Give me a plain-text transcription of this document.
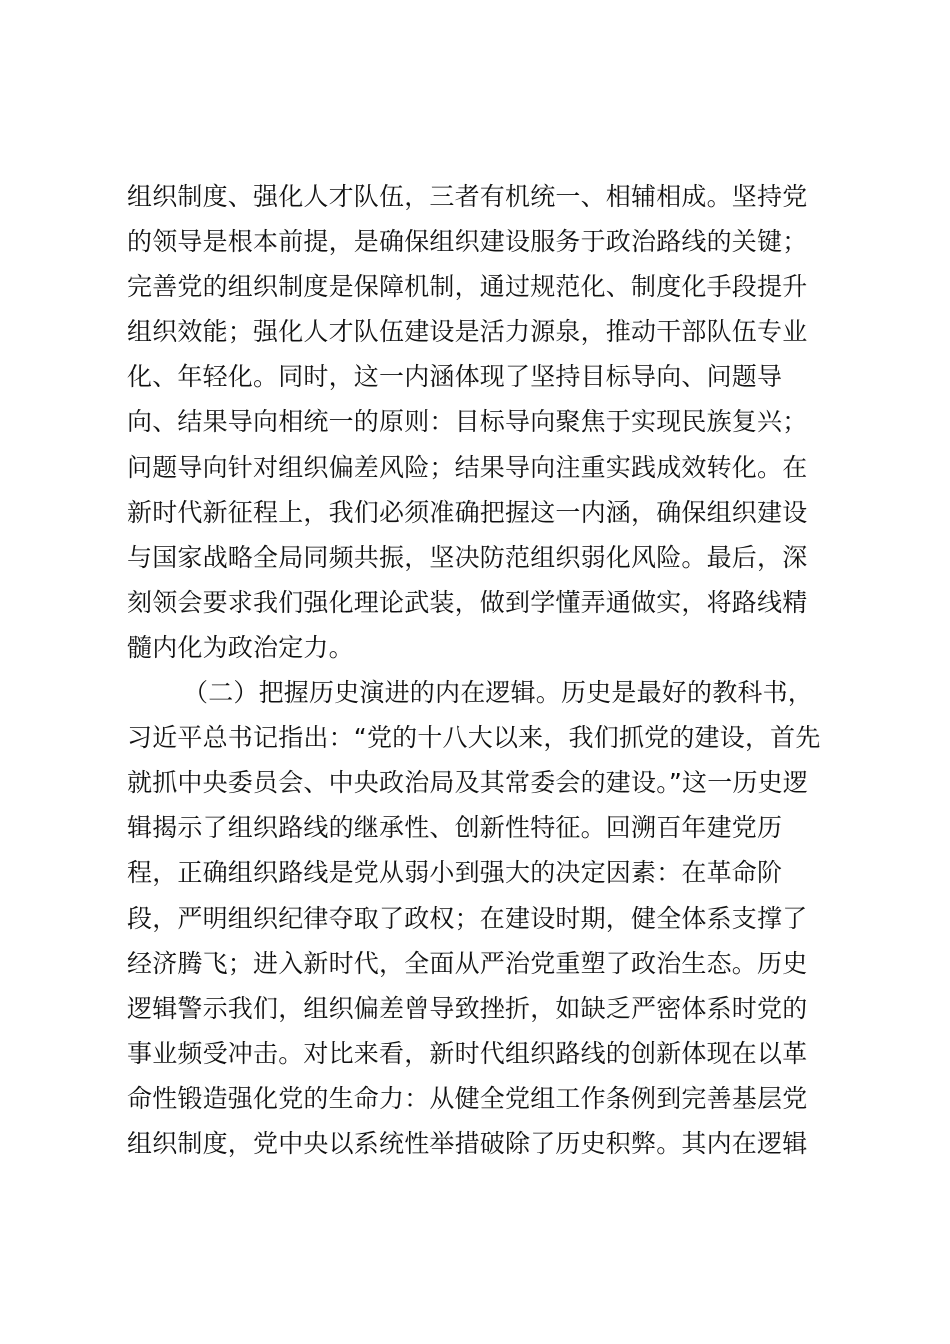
组织制度、强化人才队伍，三者有机统一、相辅相成。坚持党
的领导是根本前提，是确保组织建设服务于政治路线的关键；
完善党的组织制度是保障机制，通过规范化、制度化手段提升
组织效能；强化人才队伍建设是活力源泉，推动干部队伍专业
化、年轻化。同时，这一内涵体现了坚持目标导向、问题导
向、结果导向相统一的原则：目标导向聚焦于实现民族复兴；
问题导向针对组织偏差风险；结果导向注重实践成效转化。在
新时代新征程上，我们必须准确把握这一内涵，确保组织建设
与国家战略全局同频共振，坚决防范组织弱化风险。最后，深
刻领会要求我们强化理论武装，做到学懂弄通做实，将路线精
髓内化为政治定力。
（二）把握历史演进的内在逻辑。历史是最好的教科书，
习近平总书记指出：“党的十八大以来，我们抓党的建设，首先
就抓中央委员会、中央政治局及其常委会的建设。”这一历史逻
辑揭示了组织路线的继承性、创新性特征。回溯百年建党历
程，正确组织路线是党从弱小到强大的决定因素：在革命阶
段，严明组织纪律夺取了政权；在建设时期，健全体系支撑了
经济腾飞；进入新时代，全面从严治党重塑了政治生态。历史
逻辑警示我们，组织偏差曾导致挫折，如缺乏严密体系时党的
事业频受冲击。对比来看，新时代组织路线的创新体现在以革
命性锻造强化党的生命力：从健全党组工作条例到完善基层党
组织制度，党中央以系统性举措破除了历史积弊。其内在逻辑
